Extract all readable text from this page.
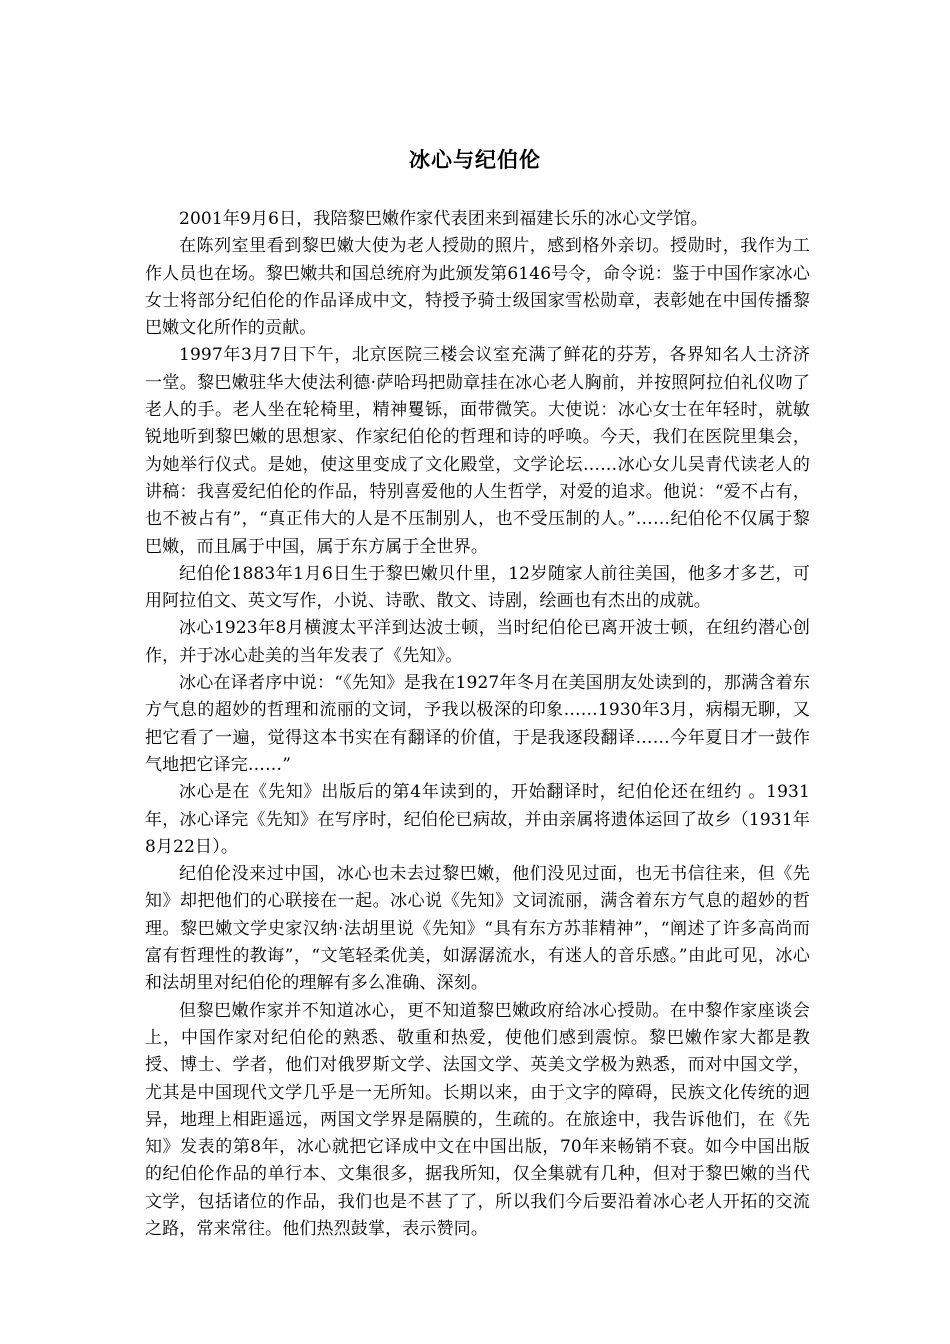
冰心与纪伯伦

2001年9月6日，我陪黎巴嫩作家代表团来到福建长乐的冰心文学馆。

在陈列室里看到黎巴嫩大使为老人授勋的照片，感到格外亲切。授勋时，我作为工作人员也在场。黎巴嫩共和国总统府为此颁发第6146号令，命令说：鉴于中国作家冰心女士将部分纪伯伦的作品译成中文，特授予骑士级国家雪松勋章，表彰她在中国传播黎巴嫩文化所作的贡献。

1997年3月7日下午，北京医院三楼会议室充满了鲜花的芬芳，各界知名人士济济一堂。黎巴嫩驻华大使法利德·萨哈玛把勋章挂在冰心老人胸前，并按照阿拉伯礼仪吻了老人的手。老人坐在轮椅里，精神矍铄，面带微笑。大使说：冰心女士在年轻时，就敏锐地听到黎巴嫩的思想家、作家纪伯伦的哲理和诗的呼唤。今天，我们在医院里集会，为她举行仪式。是她，使这里变成了文化殿堂，文学论坛……冰心女儿吴青代读老人的讲稿：我喜爱纪伯伦的作品，特别喜爱他的人生哲学，对爱的追求。他说：“爱不占有，也不被占有”，“真正伟大的人是不压制别人，也不受压制的人。”……纪伯伦不仅属于黎巴嫩，而且属于中国，属于东方属于全世界。

纪伯伦1883年1月6日生于黎巴嫩贝什里，12岁随家人前往美国，他多才多艺，可用阿拉伯文、英文写作，小说、诗歌、散文、诗剧，绘画也有杰出的成就。

冰心1923年8月横渡太平洋到达波士顿，当时纪伯伦已离开波士顿，在纽约潜心创作，并于冰心赴美的当年发表了《先知》。

冰心在译者序中说：“《先知》是我在1927年冬月在美国朋友处读到的，那满含着东方气息的超妙的哲理和流丽的文词，予我以极深的印象……1930年3月，病榻无聊，又把它看了一遍，觉得这本书实在有翻译的价值，于是我逐段翻译……今年夏日才一鼓作气地把它译完……”

冰心是在《先知》出版后的第4年读到的，开始翻译时，纪伯伦还在纽约 。1931年，冰心译完《先知》在写序时，纪伯伦已病故，并由亲属将遗体运回了故乡（1931年8月22日）。

纪伯伦没来过中国，冰心也未去过黎巴嫩，他们没见过面，也无书信往来，但《先知》却把他们的心联接在一起。冰心说《先知》文词流丽，满含着东方气息的超妙的哲理。黎巴嫩文学史家汉纳·法胡里说《先知》“具有东方苏菲精神”，“阐述了许多高尚而富有哲理性的教诲”，“文笔轻柔优美，如潺潺流水，有迷人的音乐感。”由此可见，冰心和法胡里对纪伯伦的理解有多么准确、深刻。

但黎巴嫩作家并不知道冰心，更不知道黎巴嫩政府给冰心授勋。在中黎作家座谈会上，中国作家对纪伯伦的熟悉、敬重和热爱，使他们感到震惊。黎巴嫩作家大都是教授、博士、学者，他们对俄罗斯文学、法国文学、英美文学极为熟悉，而对中国文学，尤其是中国现代文学几乎是一无所知。长期以来，由于文字的障碍，民族文化传统的迥异，地理上相距遥远，两国文学界是隔膜的，生疏的。在旅途中，我告诉他们，在《先知》发表的第8年，冰心就把它译成中文在中国出版，70年来畅销不衰。如今中国出版的纪伯伦作品的单行本、文集很多，据我所知，仅全集就有几种，但对于黎巴嫩的当代文学，包括诸位的作品，我们也是不甚了了，所以我们今后要沿着冰心老人开拓的交流之路，常来常往。他们热烈鼓掌，表示赞同。
